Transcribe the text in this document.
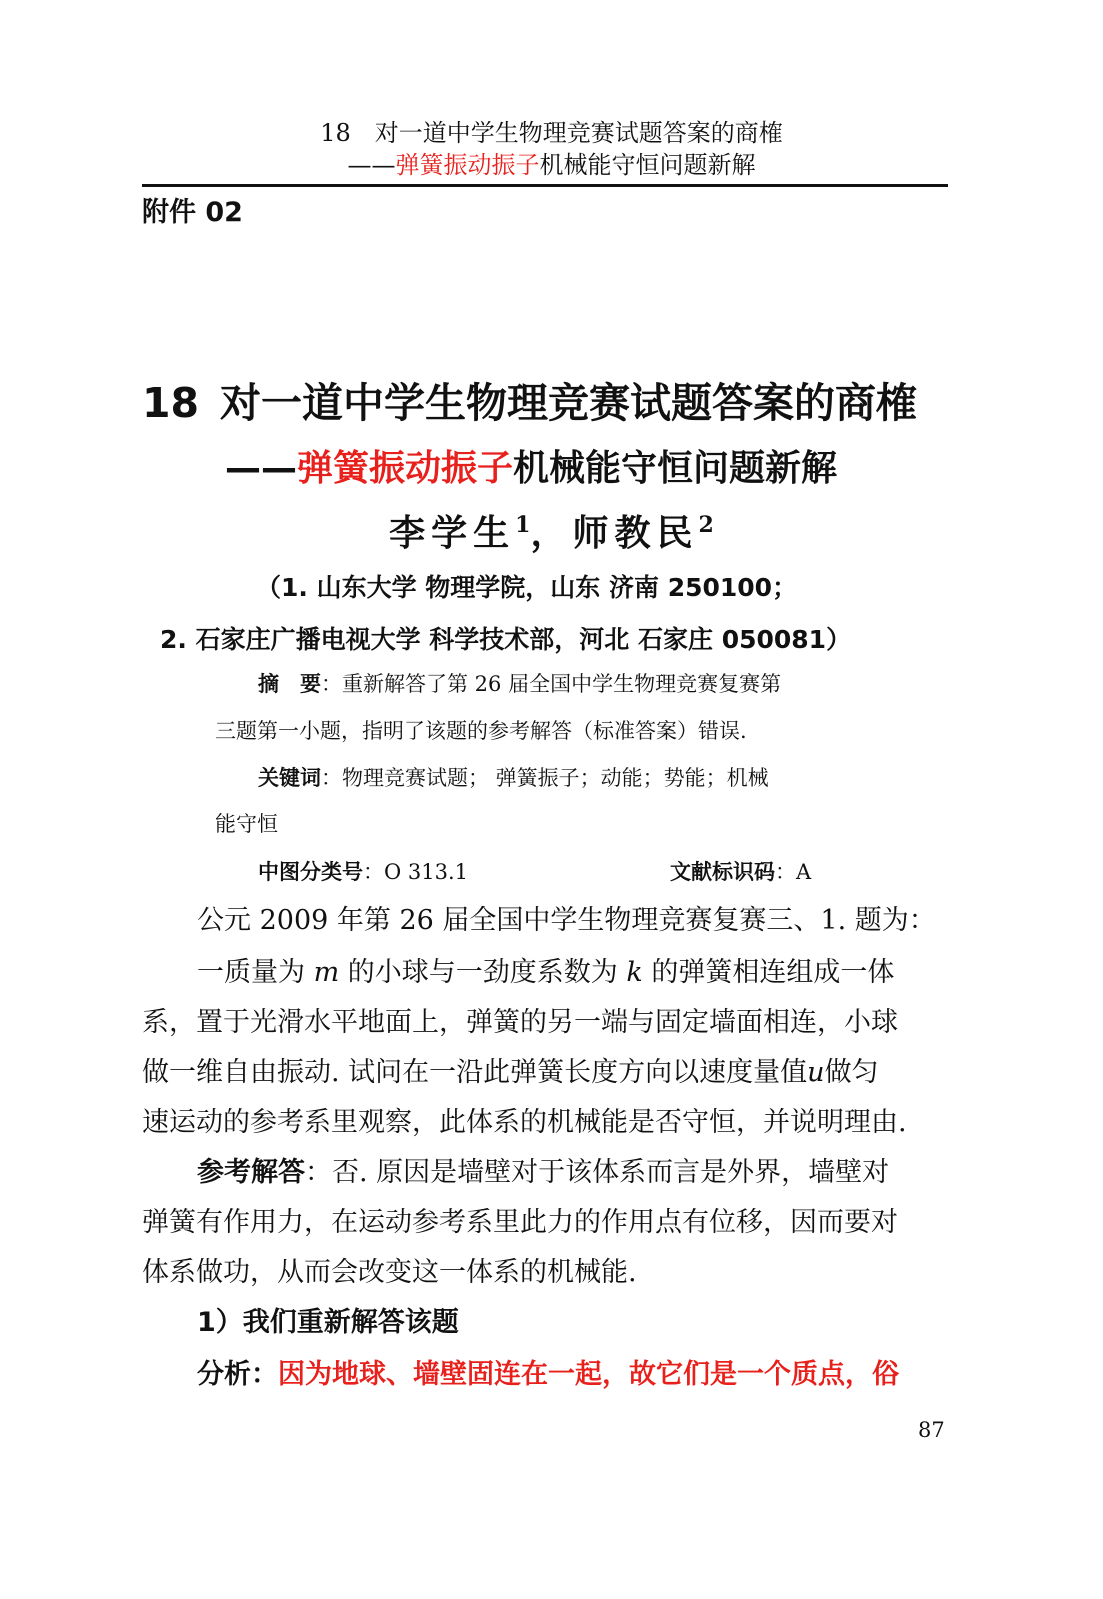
18　对一道中学生物理竞赛试题答案的商榷
——弹簧振动振子机械能守恒问题新解
附件 02
18 对一道中学生物理竞赛试题答案的商榷
——弹簧振动振子机械能守恒问题新解
李学生$^1$，师教民$^2$
（1. 山东大学 物理学院，山东 济南 250100；
2. 石家庄广播电视大学 科学技术部，河北 石家庄 050081）
摘　要：重新解答了第 26 届全国中学生物理竞赛复赛第
三题第一小题，指明了该题的参考解答（标准答案）错误.
关键词：物理竞赛试题； 弹簧振子；动能；势能；机械
能守恒
中图分类号：O 313.1	文献标识码：A
公元 2009 年第 26 届全国中学生物理竞赛复赛三、1. 题为：
一质量为 m 的小球与一劲度系数为 k 的弹簧相连组成一体
系，置于光滑水平地面上，弹簧的另一端与固定墙面相连，小球
做一维自由振动. 试问在一沿此弹簧长度方向以速度量值u做匀
速运动的参考系里观察，此体系的机械能是否守恒，并说明理由.
参考解答：否. 原因是墙壁对于该体系而言是外界，墙壁对
弹簧有作用力，在运动参考系里此力的作用点有位移，因而要对
体系做功，从而会改变这一体系的机械能.
1）我们重新解答该题
分析：因为地球、墙壁固连在一起，故它们是一个质点，俗
87
